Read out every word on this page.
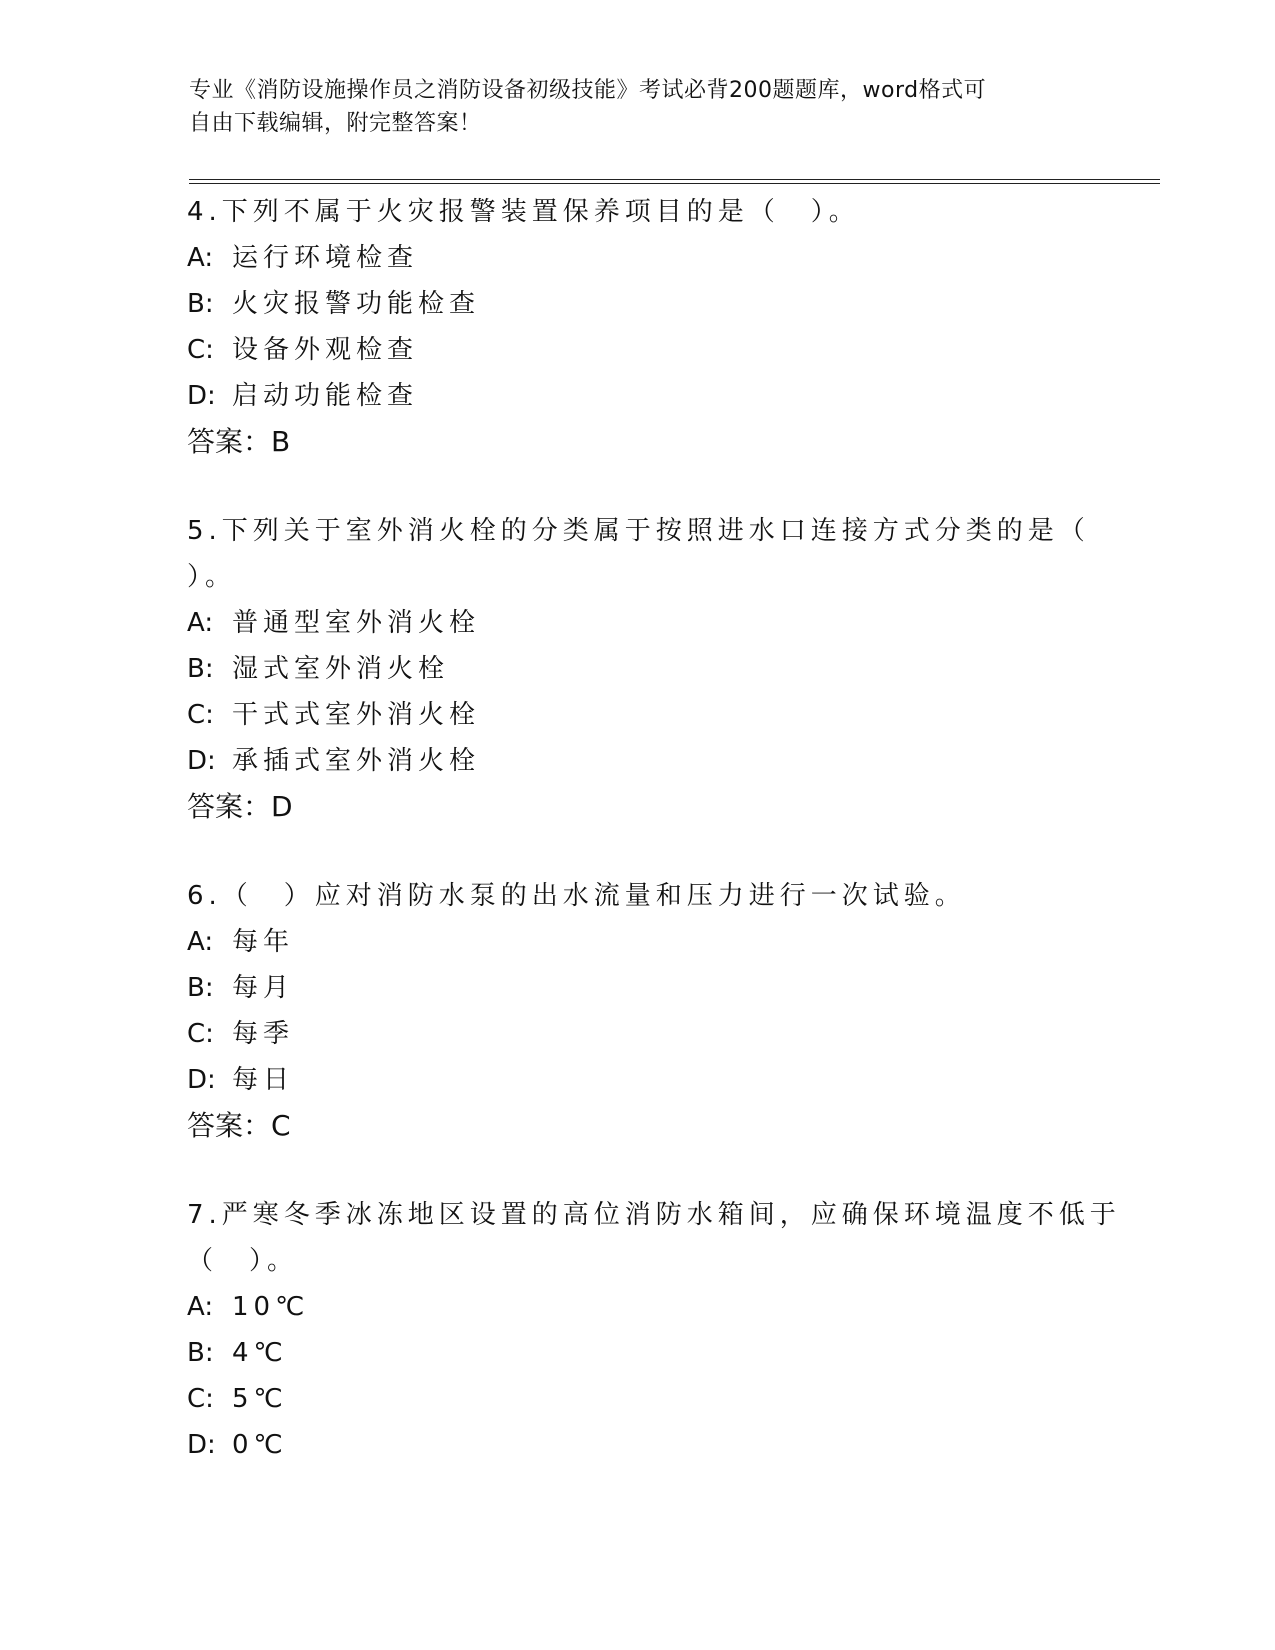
专业《消防设施操作员之消防设备初级技能》考试必背200题题库，word格式可
自由下载编辑，附完整答案！
4.下列不属于火灾报警装置保养项目的是（　）。
A: 运行环境检查
B: 火灾报警功能检查
C: 设备外观检查
D: 启动功能检查
答案：B
5.下列关于室外消火栓的分类属于按照进水口连接方式分类的是（
）。
A: 普通型室外消火栓
B: 湿式室外消火栓
C: 干式式室外消火栓
D: 承插式室外消火栓
答案：D
6.（　）应对消防水泵的出水流量和压力进行一次试验。
A: 每年
B: 每月
C: 每季
D: 每日
答案：C
7.严寒冬季冰冻地区设置的高位消防水箱间，应确保环境温度不低于
（　）。
A: 10℃
B: 4℃
C: 5℃
D: 0℃
